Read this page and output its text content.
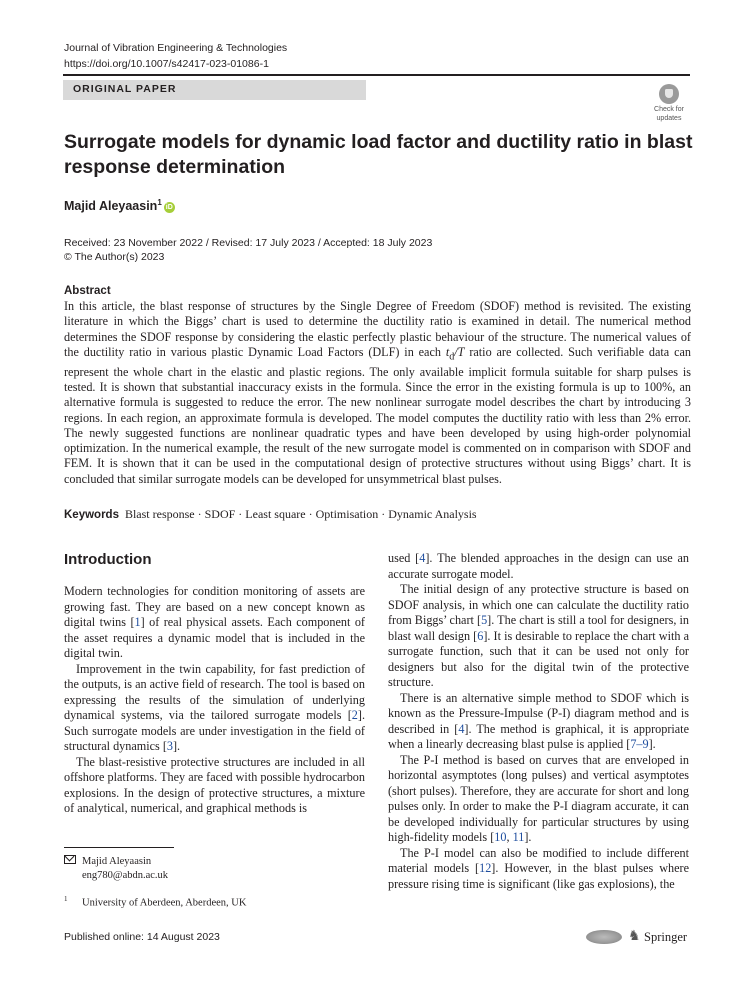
Journal of Vibration Engineering & Technologies
https://doi.org/10.1007/s42417-023-01086-1
ORIGINAL PAPER
Check for
updates
Surrogate models for dynamic load factor and ductility ratio in blast response determination
Majid Aleyaasin$^1$iD
Received: 23 November 2022 / Revised: 17 July 2023 / Accepted: 18 July 2023
© The Author(s) 2023
Abstract
In this article, the blast response of structures by the Single Degree of Freedom (SDOF) method is revisited. The existing literature in which the Biggs’ chart is used to determine the ductility ratio is examined in detail. The numerical method determines the SDOF response by considering the elastic perfectly plastic behaviour of the structure. The numerical values of the ductility ratio in various plastic Dynamic Load Factors (DLF) in each $t_d/T$ ratio are collected. Such verifiable data can represent the whole chart in the elastic and plastic regions. The only available implicit formula suitable for sharp pulses is tested. It is shown that substantial inaccuracy exists in the formula. Since the error in the existing formula is up to 100%, an alternative formula is suggested to reduce the error. The new nonlinear surrogate model describes the chart by introducing 3 regions. In each region, an approximate formula is developed. The model computes the ductility ratio with less than 2% error. The newly suggested functions are nonlinear quadratic types and have been developed by using high-order polynomial optimization. In the numerical example, the result of the new surrogate model is commented on in comparison with SDOF and FEM. It is shown that it can be used in the computational design of protective structures without using Biggs’ chart. It is concluded that similar surrogate models can be developed for unsymmetrical blast pulses.
Keywords Blast response · SDOF · Least square · Optimisation · Dynamic Analysis
Introduction

Modern technologies for condition monitoring of assets are growing fast. They are based on a new concept known as digital twins [1] of real physical assets. Each component of the asset requires a dynamic model that is included in the digital twin.

Improvement in the twin capability, for fast prediction of the outputs, is an active field of research. The tool is based on expressing the results of the simulation of underlying dynamical systems, via the tailored surrogate models [2]. Such surrogate models are under investigation in the field of structural dynamics [3].

The blast-resistive protective structures are included in all offshore platforms. They are faced with possible hydrocarbon explosions. In the design of protective structures, a mixture of analytical, numerical, and graphical methods is

used [4]. The blended approaches in the design can use an accurate surrogate model.

The initial design of any protective structure is based on SDOF analysis, in which one can calculate the ductility ratio from Biggs’ chart [5]. The chart is still a tool for designers, in blast wall design [6]. It is desirable to replace the chart with a surrogate function, such that it can be used not only for designers but also for the digital twin of the protective structure.

There is an alternative simple method to SDOF which is known as the Pressure-Impulse (P-I) diagram method and is described in [4]. The method is graphical, it is appropriate when a linearly decreasing blast pulse is applied [7–9].

The P-I method is based on curves that are enveloped in horizontal asymptotes (long pulses) and vertical asymptotes (short pulses). Therefore, they are accurate for short and long pulses only. In order to make the P-I diagram accurate, it can be developed individually for particular structures by using high-fidelity models [10, 11].

The P-I model can also be modified to include different material models [12]. However, in the blast pulses where pressure rising time is significant (like gas explosions), the

Majid Aleyaasin
eng780@abdn.ac.uk
$^1$ University of Aberdeen, Aberdeen, UK
Published online: 14 August 2023	♞ Springer
